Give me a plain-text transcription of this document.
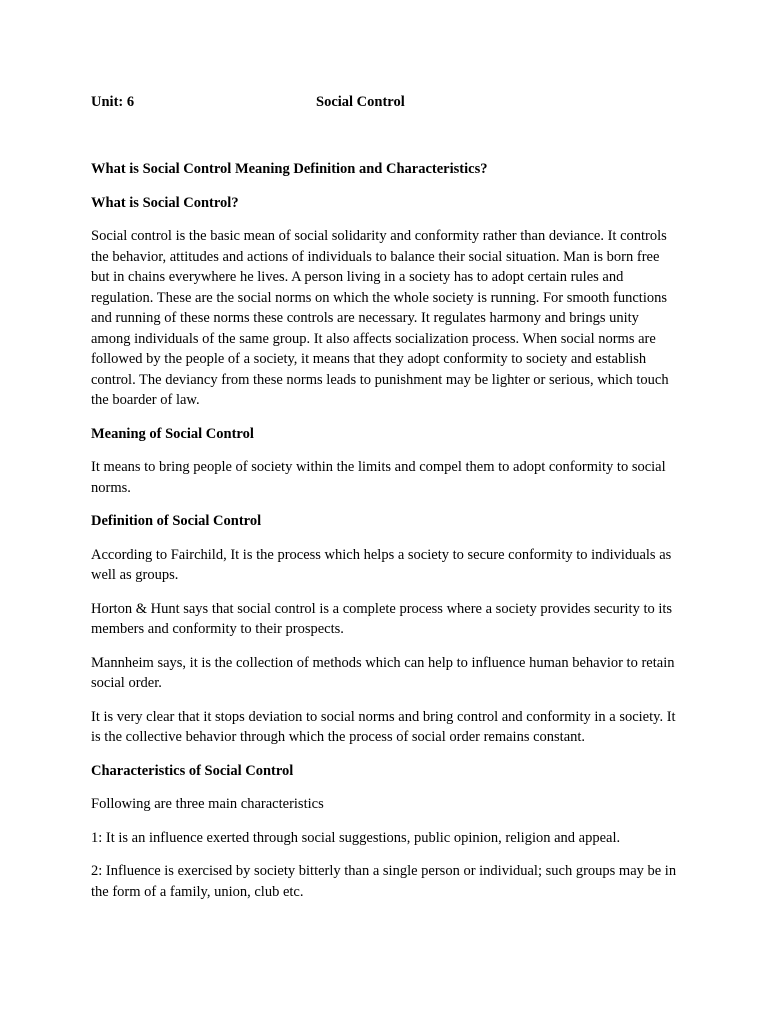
Unit: 6	Social Control

What is Social Control Meaning Definition and Characteristics?

What is Social Control?

Social control is the basic mean of social solidarity and conformity rather than deviance. It controls the behavior, attitudes and actions of individuals to balance their social situation. Man is born free but in chains everywhere he lives. A person living in a society has to adopt certain rules and regulation. These are the social norms on which the whole society is running. For smooth functions and running of these norms these controls are necessary. It regulates harmony and brings unity among individuals of the same group. It also affects socialization process. When social norms are followed by the people of a society, it means that they adopt conformity to society and establish control. The deviancy from these norms leads to punishment may be lighter or serious, which touch the boarder of law.

Meaning of Social Control

It means to bring people of society within the limits and compel them to adopt conformity to social norms.

Definition of Social Control

According to Fairchild, It is the process which helps a society to secure conformity to individuals as well as groups.

Horton & Hunt says that social control is a complete process where a society provides security to its members and conformity to their prospects.

Mannheim says, it is the collection of methods which can help to influence human behavior to retain social order.

It is very clear that it stops deviation to social norms and bring control and conformity in a society. It is the collective behavior through which the process of social order remains constant.

Characteristics of Social Control

Following are three main characteristics

1: It is an influence exerted through social suggestions, public opinion, religion and appeal.

2: Influence is exercised by society bitterly than a single person or individual; such groups may be in the form of a family, union, club etc.
